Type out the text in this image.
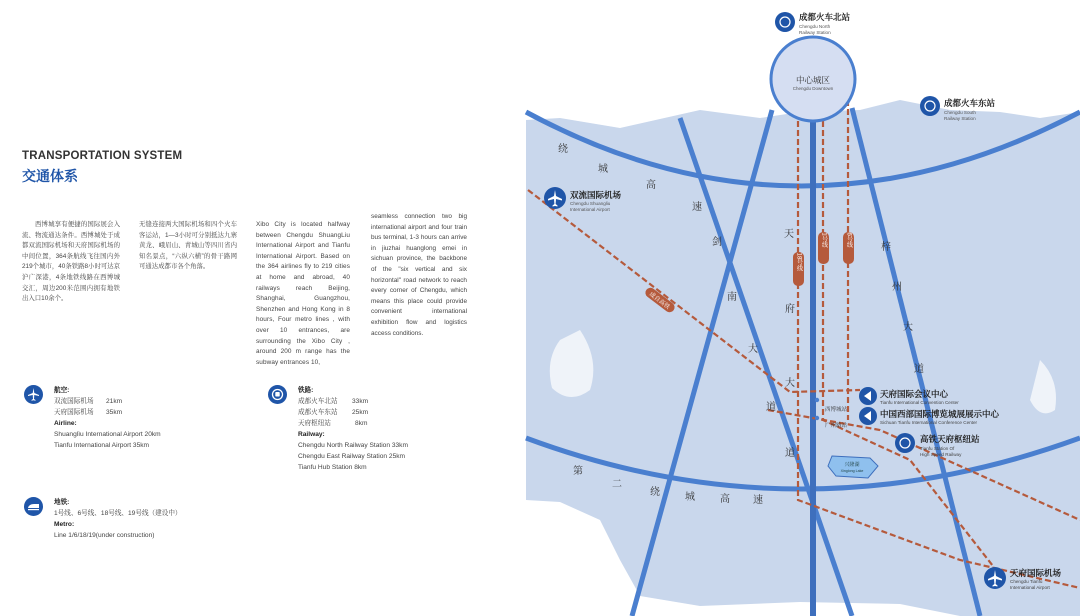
TRANSPORTATION SYSTEM
交通体系
西博城享有便捷的国际展会入流、物流通达条件。西博城处于成都双流国际机场和天府国际机场的中间位置，364条航线飞往国内外219个城市，40条铁路8小时可达京沪广深港，4条地铁线路在西博城交汇，周边200米范围内拥有地铁出入口10余个。
无缝连接两大国际机场和四个火车客运站，1—3小时可分别抵达九寨黄龙、峨眉山、青城山等四川省内知名景点，“六纵六横”的骨干路网可通达成都市各个角落。
Xibo City is located halfway between Chengdu ShuangLiu International Airport and Tianfu International Airport. Based on the 364 airlines fly to 219 cities at home and abroad, 40 railways reach Beijing, Shanghai, Guangzhou, Shenzhen and Hong Kong in 8 hours, Four metro lines , with over 10 entrances, are surrounding the Xibo City , around 200 m range has the subway entrances 10,
seamless connection two big international airport and four train bus terminal, 1-3 hours can arrive in jiuzhai huanglong emei in sichuan province, the backbone of the "six vertical and six horizontal" road network to reach every corner of Chengdu, which means this place could provide convenient international exhibition flow and logistics access conditions.
航空:
双流国际机场 21km
天府国际机场 35km
Airline:
Shuanglìu International Airport 20km
Tianfu International Airport 35km
铁路:
成都火车北站 33km
成都火车东站 25km
天府枢纽站	8km
Railway:
Chengdu North Railway Station 33km
Chengdu East Railway Station 25km
Tianfu Hub Station 8km
地铁:
1号线、6号线、18号线、19号线（建设中）
Metro:
Line 1/6/18/19(under construction)
中心城区
Chengdu Downtown
兴隆湖
Xinglong Lake
18号线
1号线	6号线
成自高铁
绕
城
高
速
剑
南
大
道
天
府
大
道
梓
州
大
道
第
二
绕	城	高 速
西博城站
广州路站
成都火车北站
Chengdu North
Railway Station
成都火车东站
Chengdu South
Railway Station
双流国际机场
Chengdu Shuangliu
International Airport
天府国际会议中心
Tianfu International Convention Center
中国西部国际博览城展展示中心
Sichuan Tianfu International Conference Center
高铁天府枢纽站
Tianfu Station Of
High Speed Railway
天府国际机场
Chengdu Tianfu
International Airport
